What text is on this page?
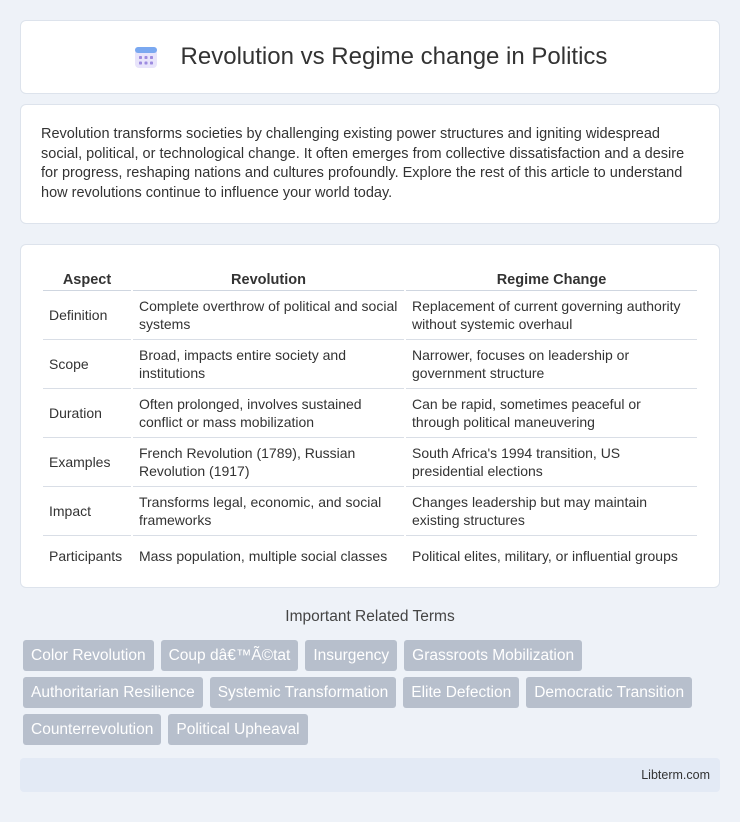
Revolution vs Regime change in Politics

Revolution transforms societies by challenging existing power structures and igniting widespread social, political, or technological change. It often emerges from collective dissatisfaction and a desire for progress, reshaping nations and cultures profoundly. Explore the rest of this article to understand how revolutions continue to influence your world today.

Aspect	Revolution	Regime Change
Definition	Complete overthrow of political and social systems	Replacement of current governing authority without systemic overhaul
Scope	Broad, impacts entire society and institutions	Narrower, focuses on leadership or government structure
Duration	Often prolonged, involves sustained conflict or mass mobilization	Can be rapid, sometimes peaceful or through political maneuvering
Examples	French Revolution (1789), Russian Revolution (1917)	South Africa's 1994 transition, US presidential elections
Impact	Transforms legal, economic, and social frameworks	Changes leadership but may maintain existing structures
Participants	Mass population, multiple social classes	Political elites, military, or influential groups
Important Related Terms
Color Revolution	Coup dâ€™Ã©tat	Insurgency	Grassroots Mobilization
Authoritarian Resilience	Systemic Transformation	Elite Defection	Democratic Transition
Counterrevolution	Political Upheaval
Libterm.com
